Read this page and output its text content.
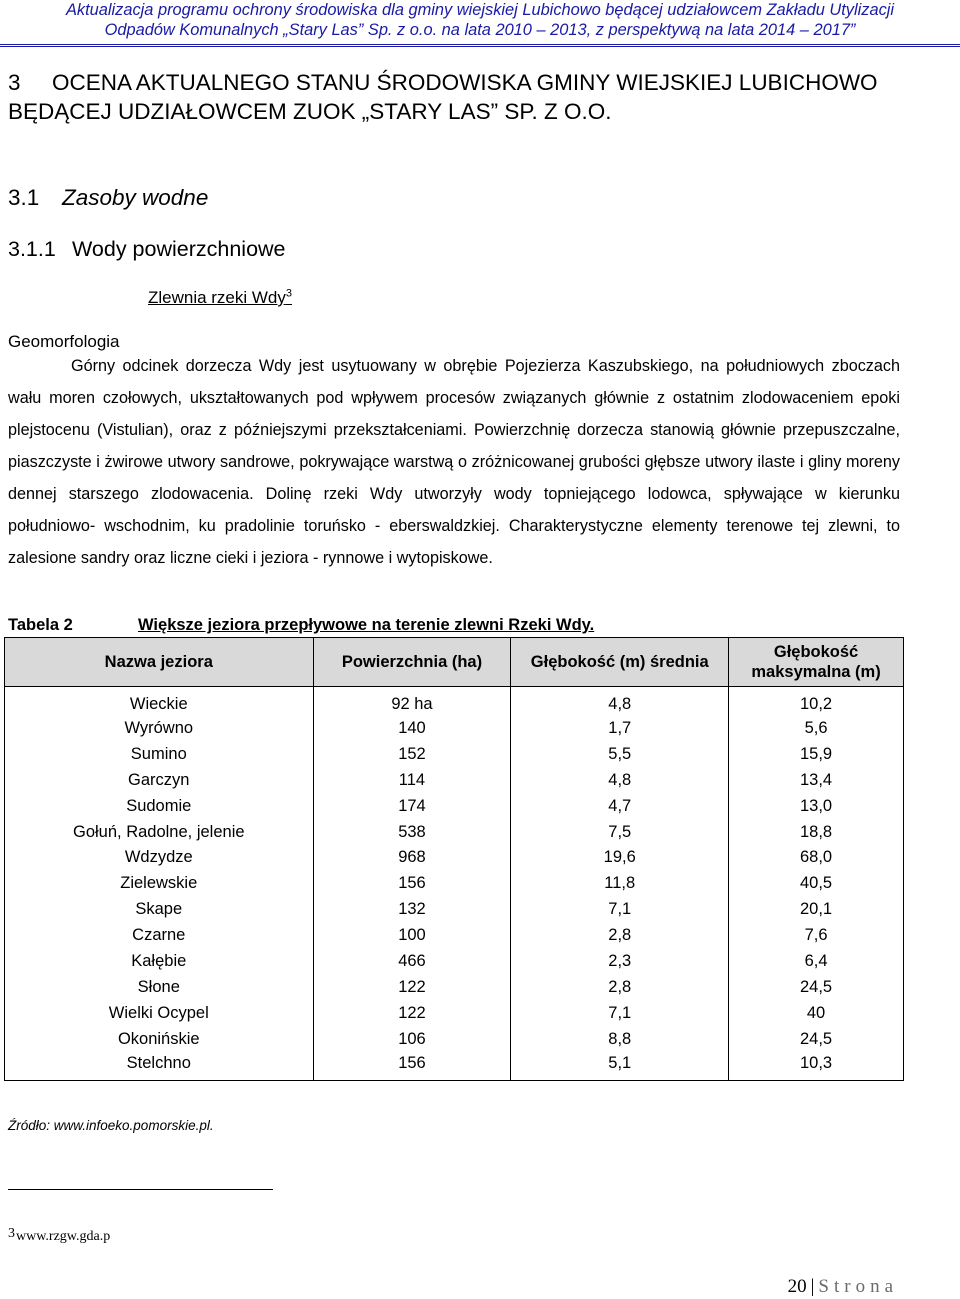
Aktualizacja programu ochrony środowiska dla gminy wiejskiej Lubichowo będącej udziałowcem Zakładu Utylizacji
Odpadów Komunalnych „Stary Las” Sp. z o.o. na lata 2010 – 2013, z perspektywą na lata 2014 – 2017”
3 OCENA AKTUALNEGO STANU ŚRODOWISKA GMINY WIEJSKIEJ LUBICHOWO BĘDĄCEJ UDZIAŁOWCEM ZUOK „STARY LAS” SP. Z O.O.
3.1 Zasoby wodne
3.1.1 Wody powierzchniowe
Zlewnia rzeki Wdy$^3$
Geomorfologia
Górny odcinek dorzecza Wdy jest usytuowany w obrębie Pojezierza Kaszubskiego, na południowych zboczach wału moren czołowych, ukształtowanych pod wpływem procesów związanych głównie z ostatnim zlodowaceniem epoki plejstocenu (Vistulian), oraz z późniejszymi przekształceniami. Powierzchnię dorzecza stanowią głównie przepuszczalne, piaszczyste i żwirowe utwory sandrowe, pokrywające warstwą o zróżnicowanej grubości głębsze utwory ilaste i gliny moreny dennej starszego zlodowacenia. Dolinę rzeki Wdy utworzyły wody topniejącego lodowca, spływające w kierunku południowo- wschodnim, ku pradolinie toruńsko - eberswaldzkiej. Charakterystyczne elementy terenowe tej zlewni, to zalesione sandry oraz liczne cieki i jeziora - rynnowe i wytopiskowe.
Tabela 2	Większe jeziora przepływowe na terenie zlewni Rzeki Wdy.
Nazwa jeziora	Powierzchnia (ha)	Głębokość (m) średnia	Głębokość maksymalna (m)
Wieckie	92 ha	4,8	10,2
Wyrówno	140	1,7	5,6
Sumino	152	5,5	15,9
Garczyn	114	4,8	13,4
Sudomie	174	4,7	13,0
Gołuń, Radolne, jelenie	538	7,5	18,8
Wdzydze	968	19,6	68,0
Zielewskie	156	11,8	40,5
Skape	132	7,1	20,1
Czarne	100	2,8	7,6
Kałębie	466	2,3	6,4
Słone	122	2,8	24,5
Wielki Ocypel	122	7,1	40
Okonińskie	106	8,8	24,5
Stelchno	156	5,1	10,3
Źródło: www.infoeko.pomorskie.pl.
3www.rzgw.gda.p
20 | Strona
